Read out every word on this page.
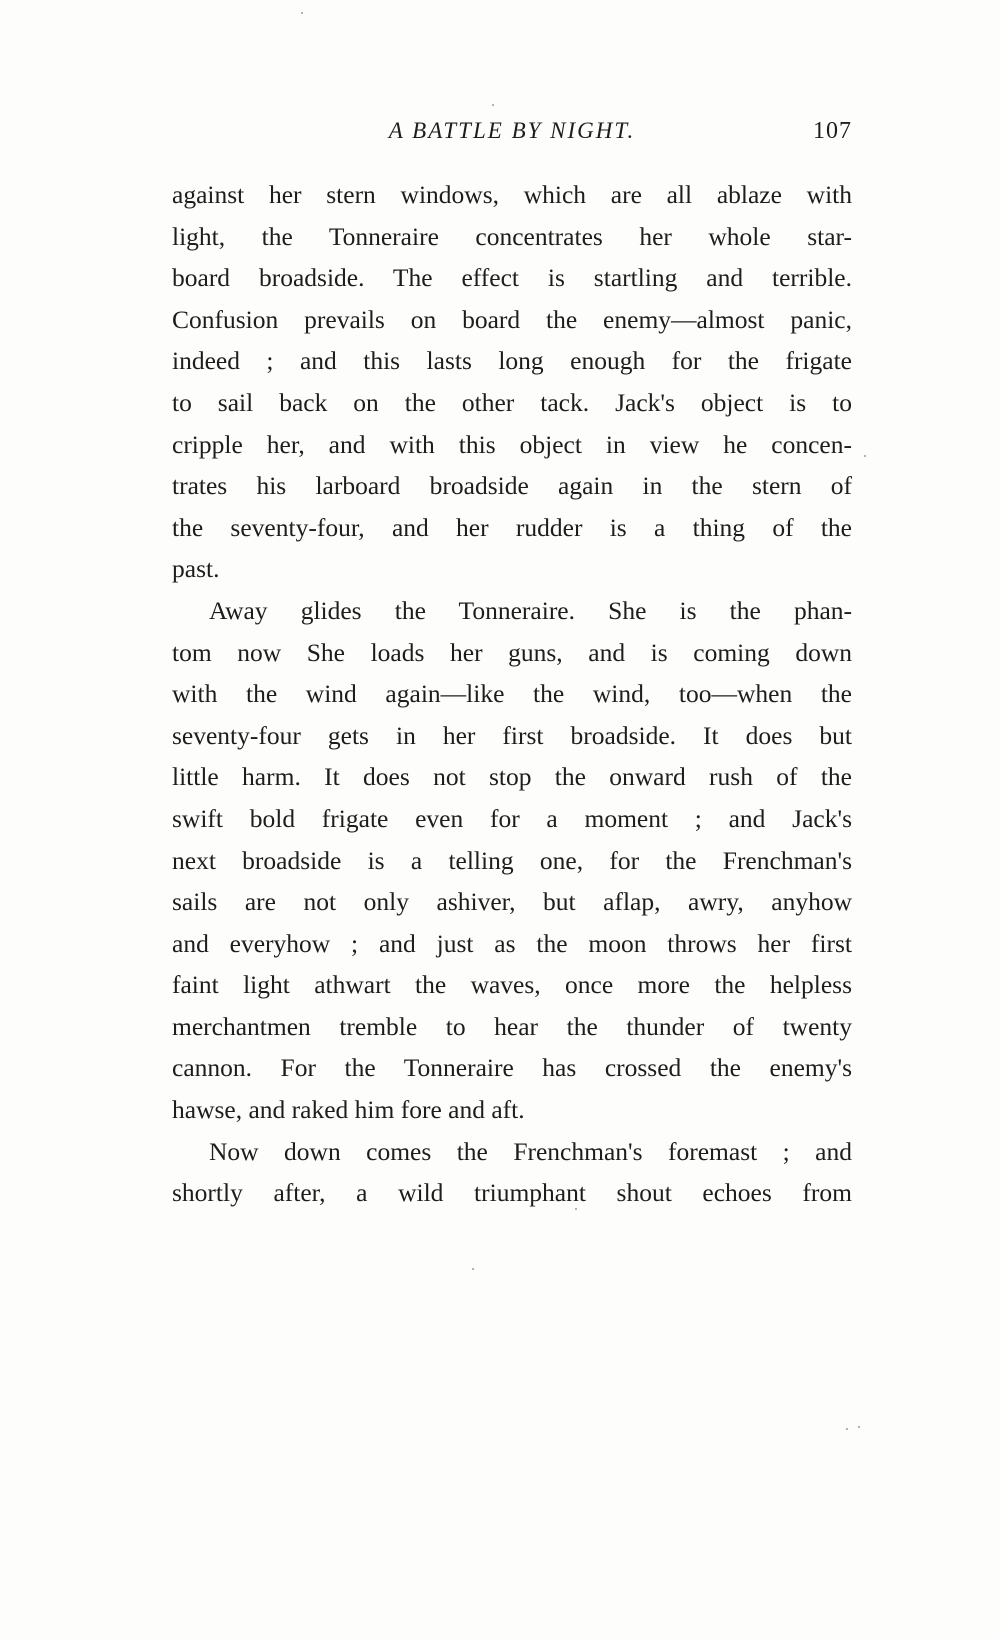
A BATTLE BY NIGHT.	107
against her stern windows, which are all ablaze with
light, the Tonneraire concentrates her whole star-
board broadside. The effect is startling and terrible.
Confusion prevails on board the enemy—almost panic,
indeed ; and this lasts long enough for the frigate
to sail back on the other tack. Jack's object is to
cripple her, and with this object in view he concen-
trates his larboard broadside again in the stern of
the seventy-four, and her rudder is a thing of the
past.
Away glides the Tonneraire. She is the phan-
tom now She loads her guns, and is coming down
with the wind again—like the wind, too—when the
seventy-four gets in her first broadside. It does but
little harm. It does not stop the onward rush of the
swift bold frigate even for a moment ; and Jack's
next broadside is a telling one, for the Frenchman's
sails are not only ashiver, but aflap, awry, anyhow
and everyhow ; and just as the moon throws her first
faint light athwart the waves, once more the helpless
merchantmen tremble to hear the thunder of twenty
cannon. For the Tonneraire has crossed the enemy's
hawse, and raked him fore and aft.
Now down comes the Frenchman's foremast ; and
shortly after, a wild triumphant shout echoes from
